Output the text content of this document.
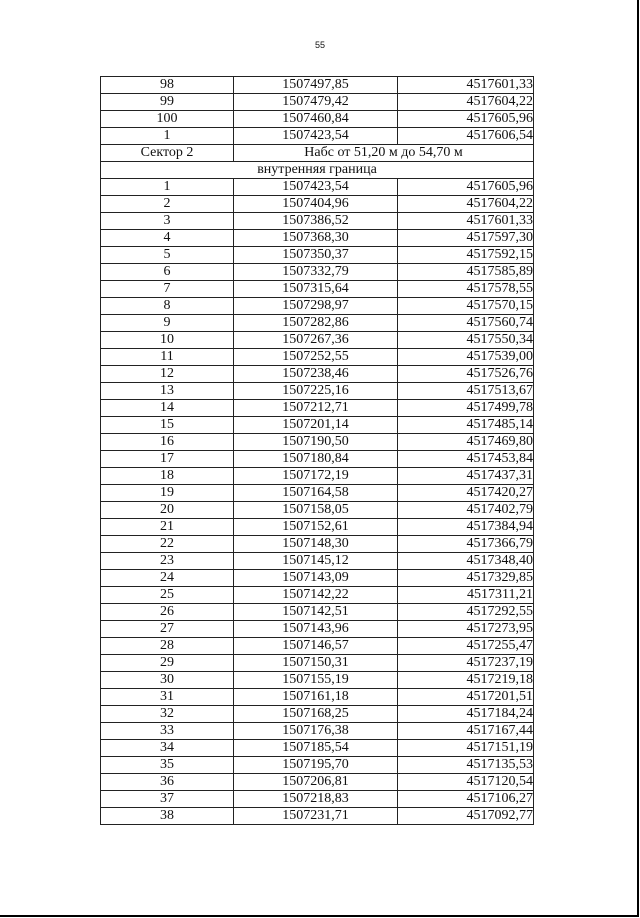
55
98	1507497,85	4517601,33
99	1507479,42	4517604,22
100	1507460,84	4517605,96
1	1507423,54	4517606,54
Сектор 2	Набс от 51,20 м до 54,70 м	
внутренняя граница		
1	1507423,54	4517605,96
2	1507404,96	4517604,22
3	1507386,52	4517601,33
4	1507368,30	4517597,30
5	1507350,37	4517592,15
6	1507332,79	4517585,89
7	1507315,64	4517578,55
8	1507298,97	4517570,15
9	1507282,86	4517560,74
10	1507267,36	4517550,34
11	1507252,55	4517539,00
12	1507238,46	4517526,76
13	1507225,16	4517513,67
14	1507212,71	4517499,78
15	1507201,14	4517485,14
16	1507190,50	4517469,80
17	1507180,84	4517453,84
18	1507172,19	4517437,31
19	1507164,58	4517420,27
20	1507158,05	4517402,79
21	1507152,61	4517384,94
22	1507148,30	4517366,79
23	1507145,12	4517348,40
24	1507143,09	4517329,85
25	1507142,22	4517311,21
26	1507142,51	4517292,55
27	1507143,96	4517273,95
28	1507146,57	4517255,47
29	1507150,31	4517237,19
30	1507155,19	4517219,18
31	1507161,18	4517201,51
32	1507168,25	4517184,24
33	1507176,38	4517167,44
34	1507185,54	4517151,19
35	1507195,70	4517135,53
36	1507206,81	4517120,54
37	1507218,83	4517106,27
38	1507231,71	4517092,77
